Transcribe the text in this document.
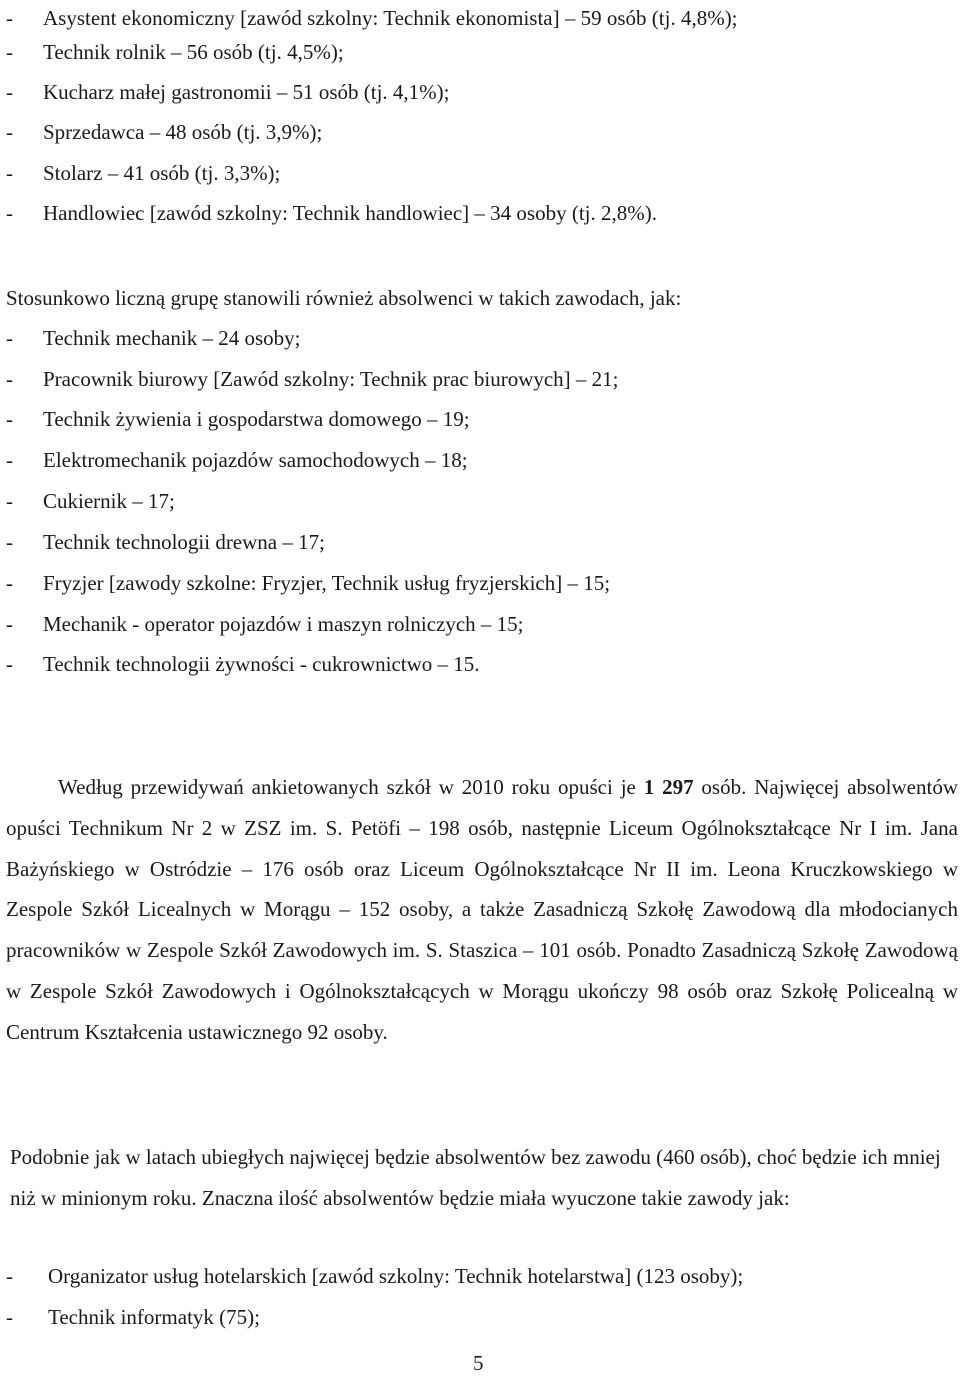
- Asystent ekonomiczny [zawód szkolny: Technik ekonomista] – 59 osób (tj. 4,8%);
- Technik rolnik – 56 osób (tj. 4,5%);
- Kucharz małej gastronomii – 51 osób (tj. 4,1%);
- Sprzedawca – 48 osób (tj. 3,9%);
- Stolarz – 41 osób (tj. 3,3%);
- Handlowiec [zawód szkolny: Technik handlowiec] – 34 osoby (tj. 2,8%).
Stosunkowo liczną grupę stanowili również absolwenci w takich zawodach, jak:
- Technik mechanik – 24 osoby;
- Pracownik biurowy [Zawód szkolny: Technik prac biurowych] – 21;
- Technik żywienia i gospodarstwa domowego – 19;
- Elektromechanik pojazdów samochodowych – 18;
- Cukiernik – 17;
- Technik technologii drewna – 17;
- Fryzjer [zawody szkolne: Fryzjer, Technik usług fryzjerskich] – 15;
- Mechanik - operator pojazdów i maszyn rolniczych – 15;
- Technik technologii żywności - cukrownictwo – 15.

Według przewidywań ankietowanych szkół w 2010 roku opuści je 1 297 osób. Najwięcej absolwentów opuści Technikum Nr 2 w ZSZ im. S. Petöfi – 198 osób, następnie Liceum Ogólnokształcące Nr I im. Jana Bażyńskiego w Ostródzie – 176 osób oraz Liceum Ogólnokształcące Nr II im. Leona Kruczkowskiego w Zespole Szkół Licealnych w Morągu – 152 osoby, a także Zasadniczą Szkołę Zawodową dla młodocianych pracowników w Zespole Szkół Zawodowych im. S. Staszica – 101 osób. Ponadto Zasadniczą Szkołę Zawodową w Zespole Szkół Zawodowych i Ogólnokształcących w Morągu ukończy 98 osób oraz Szkołę Policealną w Centrum Kształcenia ustawicznego 92 osoby.

Podobnie jak w latach ubiegłych najwięcej będzie absolwentów bez zawodu (460 osób), choć będzie ich mniej niż w minionym roku. Znaczna ilość absolwentów będzie miała wyuczone takie zawody jak:

- Organizator usług hotelarskich [zawód szkolny: Technik hotelarstwa] (123 osoby);
- Technik informatyk (75);
5
